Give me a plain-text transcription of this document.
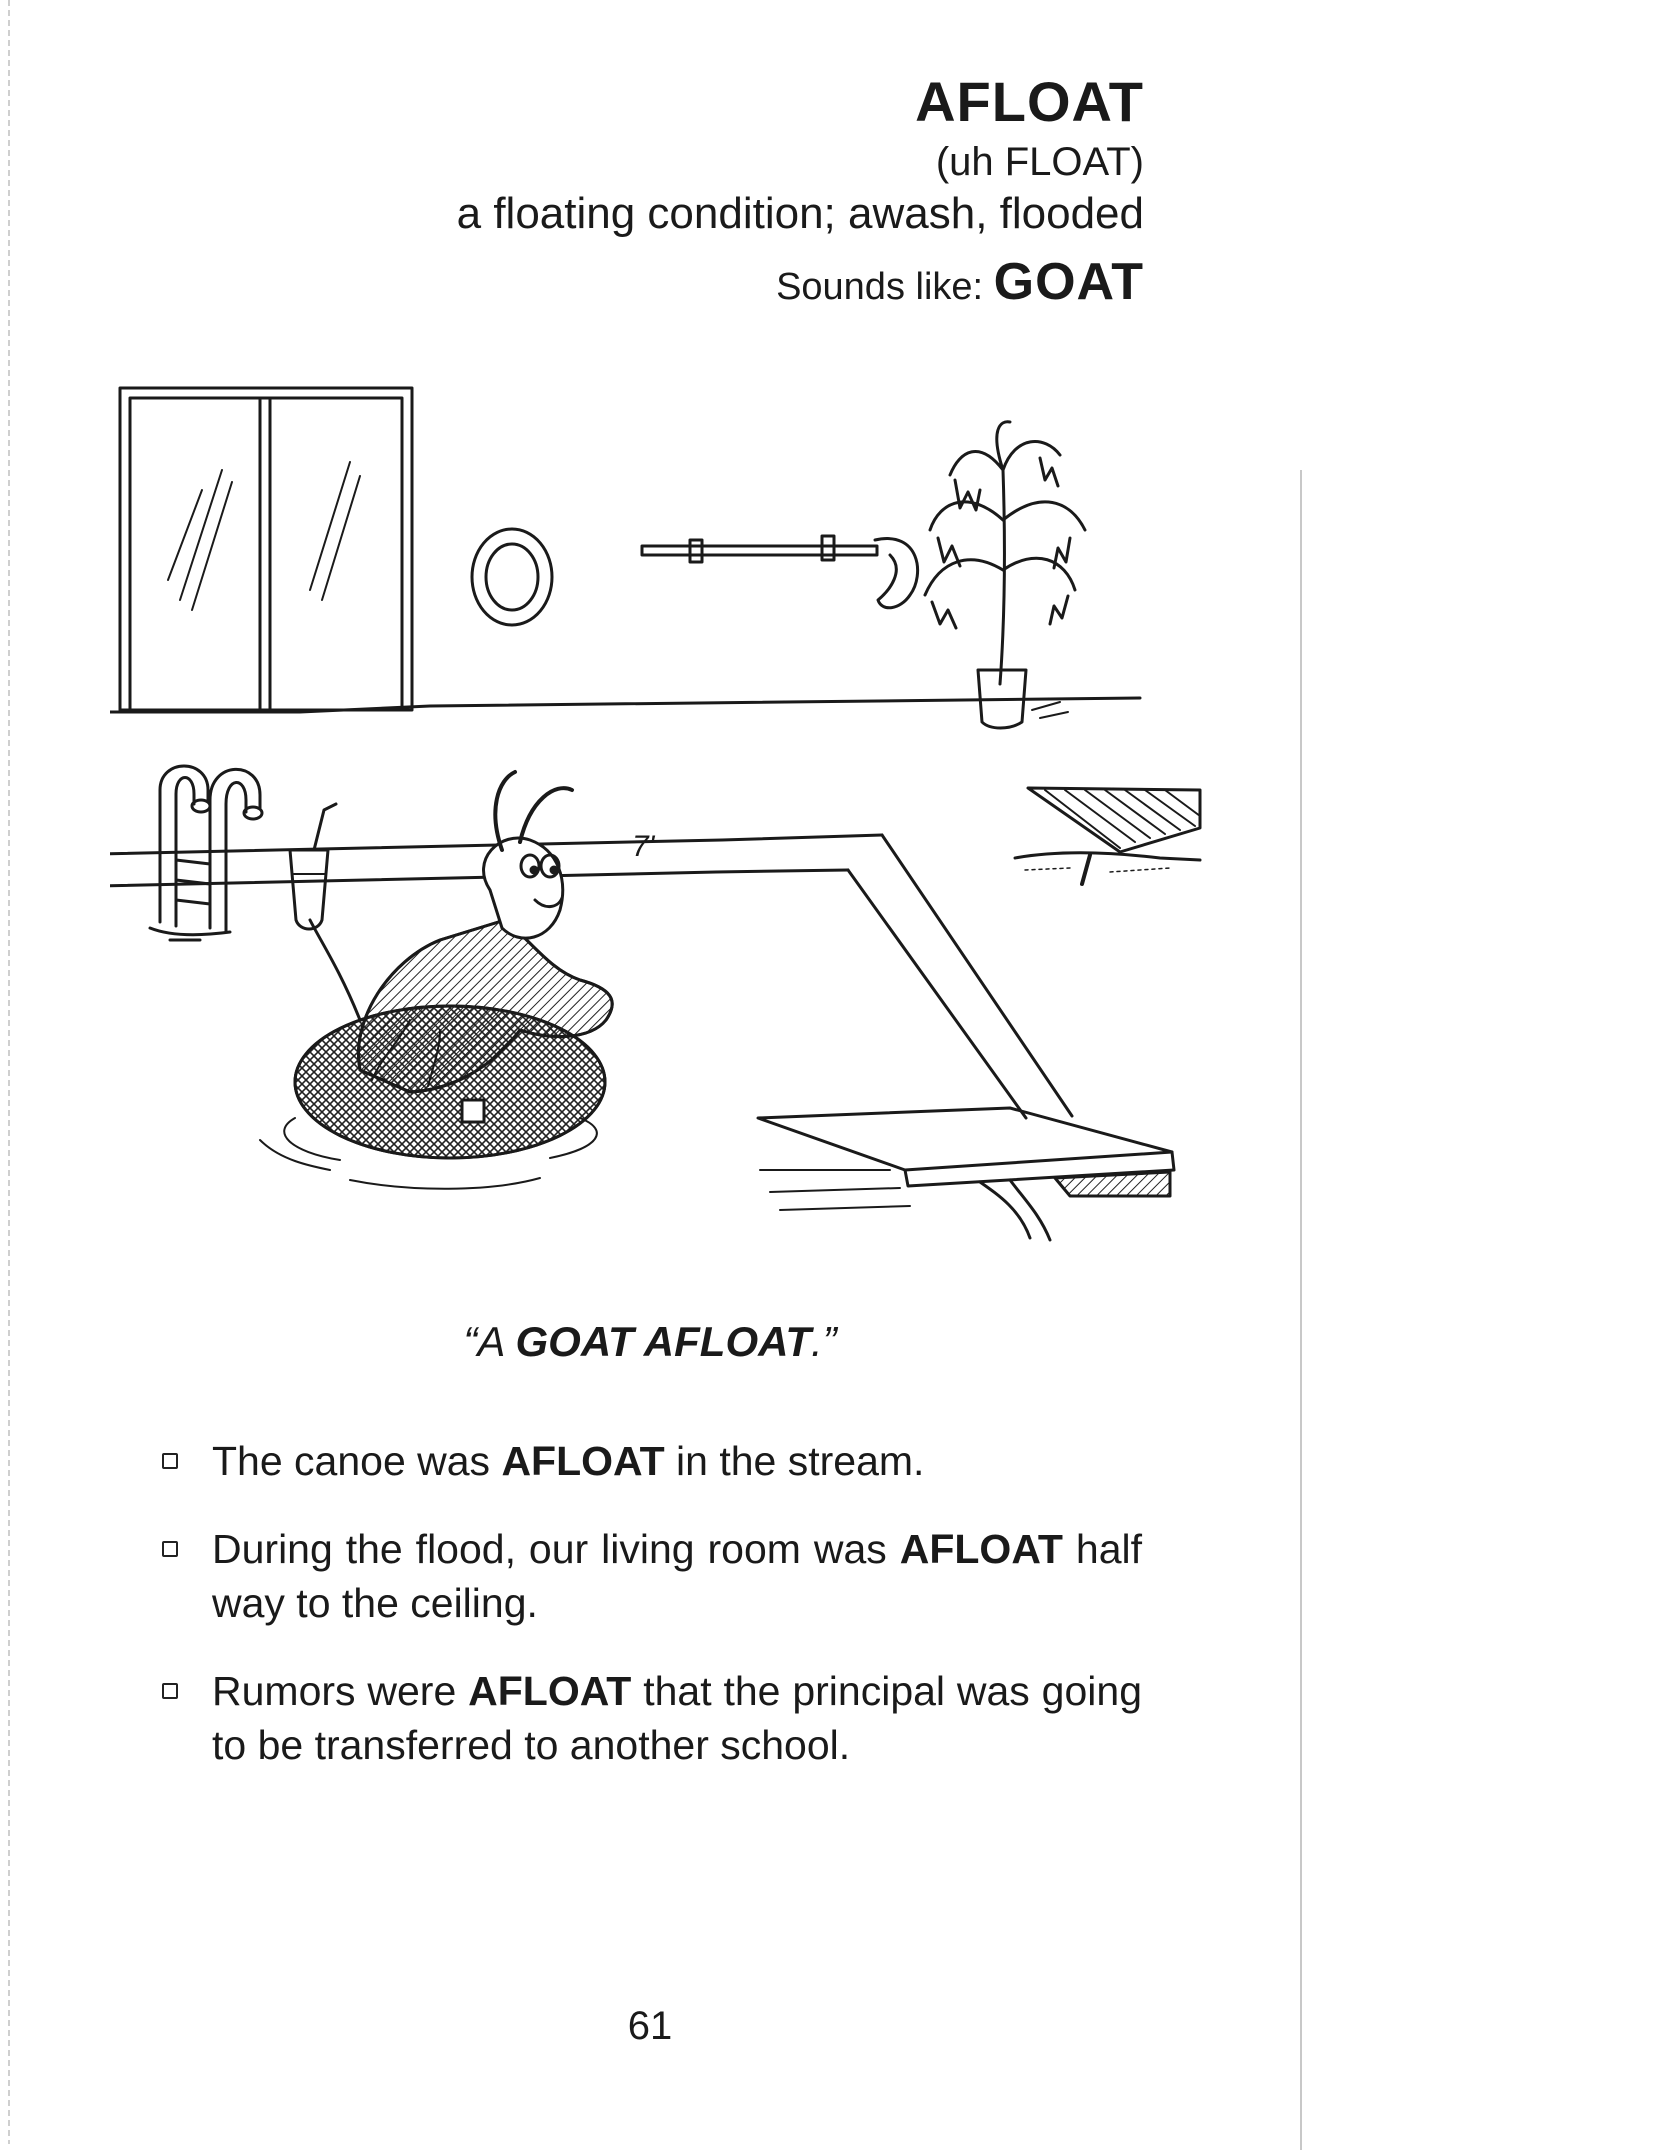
AFLOAT
(uh FLOAT)
a floating condition; awash, flooded
Sounds like: GOAT
7'
“A GOAT AFLOAT.”
The canoe was AFLOAT in the stream.
During the flood, our living room was AFLOAT half way to the ceiling.
Rumors were AFLOAT that the principal was going to be transferred to another school.
61
